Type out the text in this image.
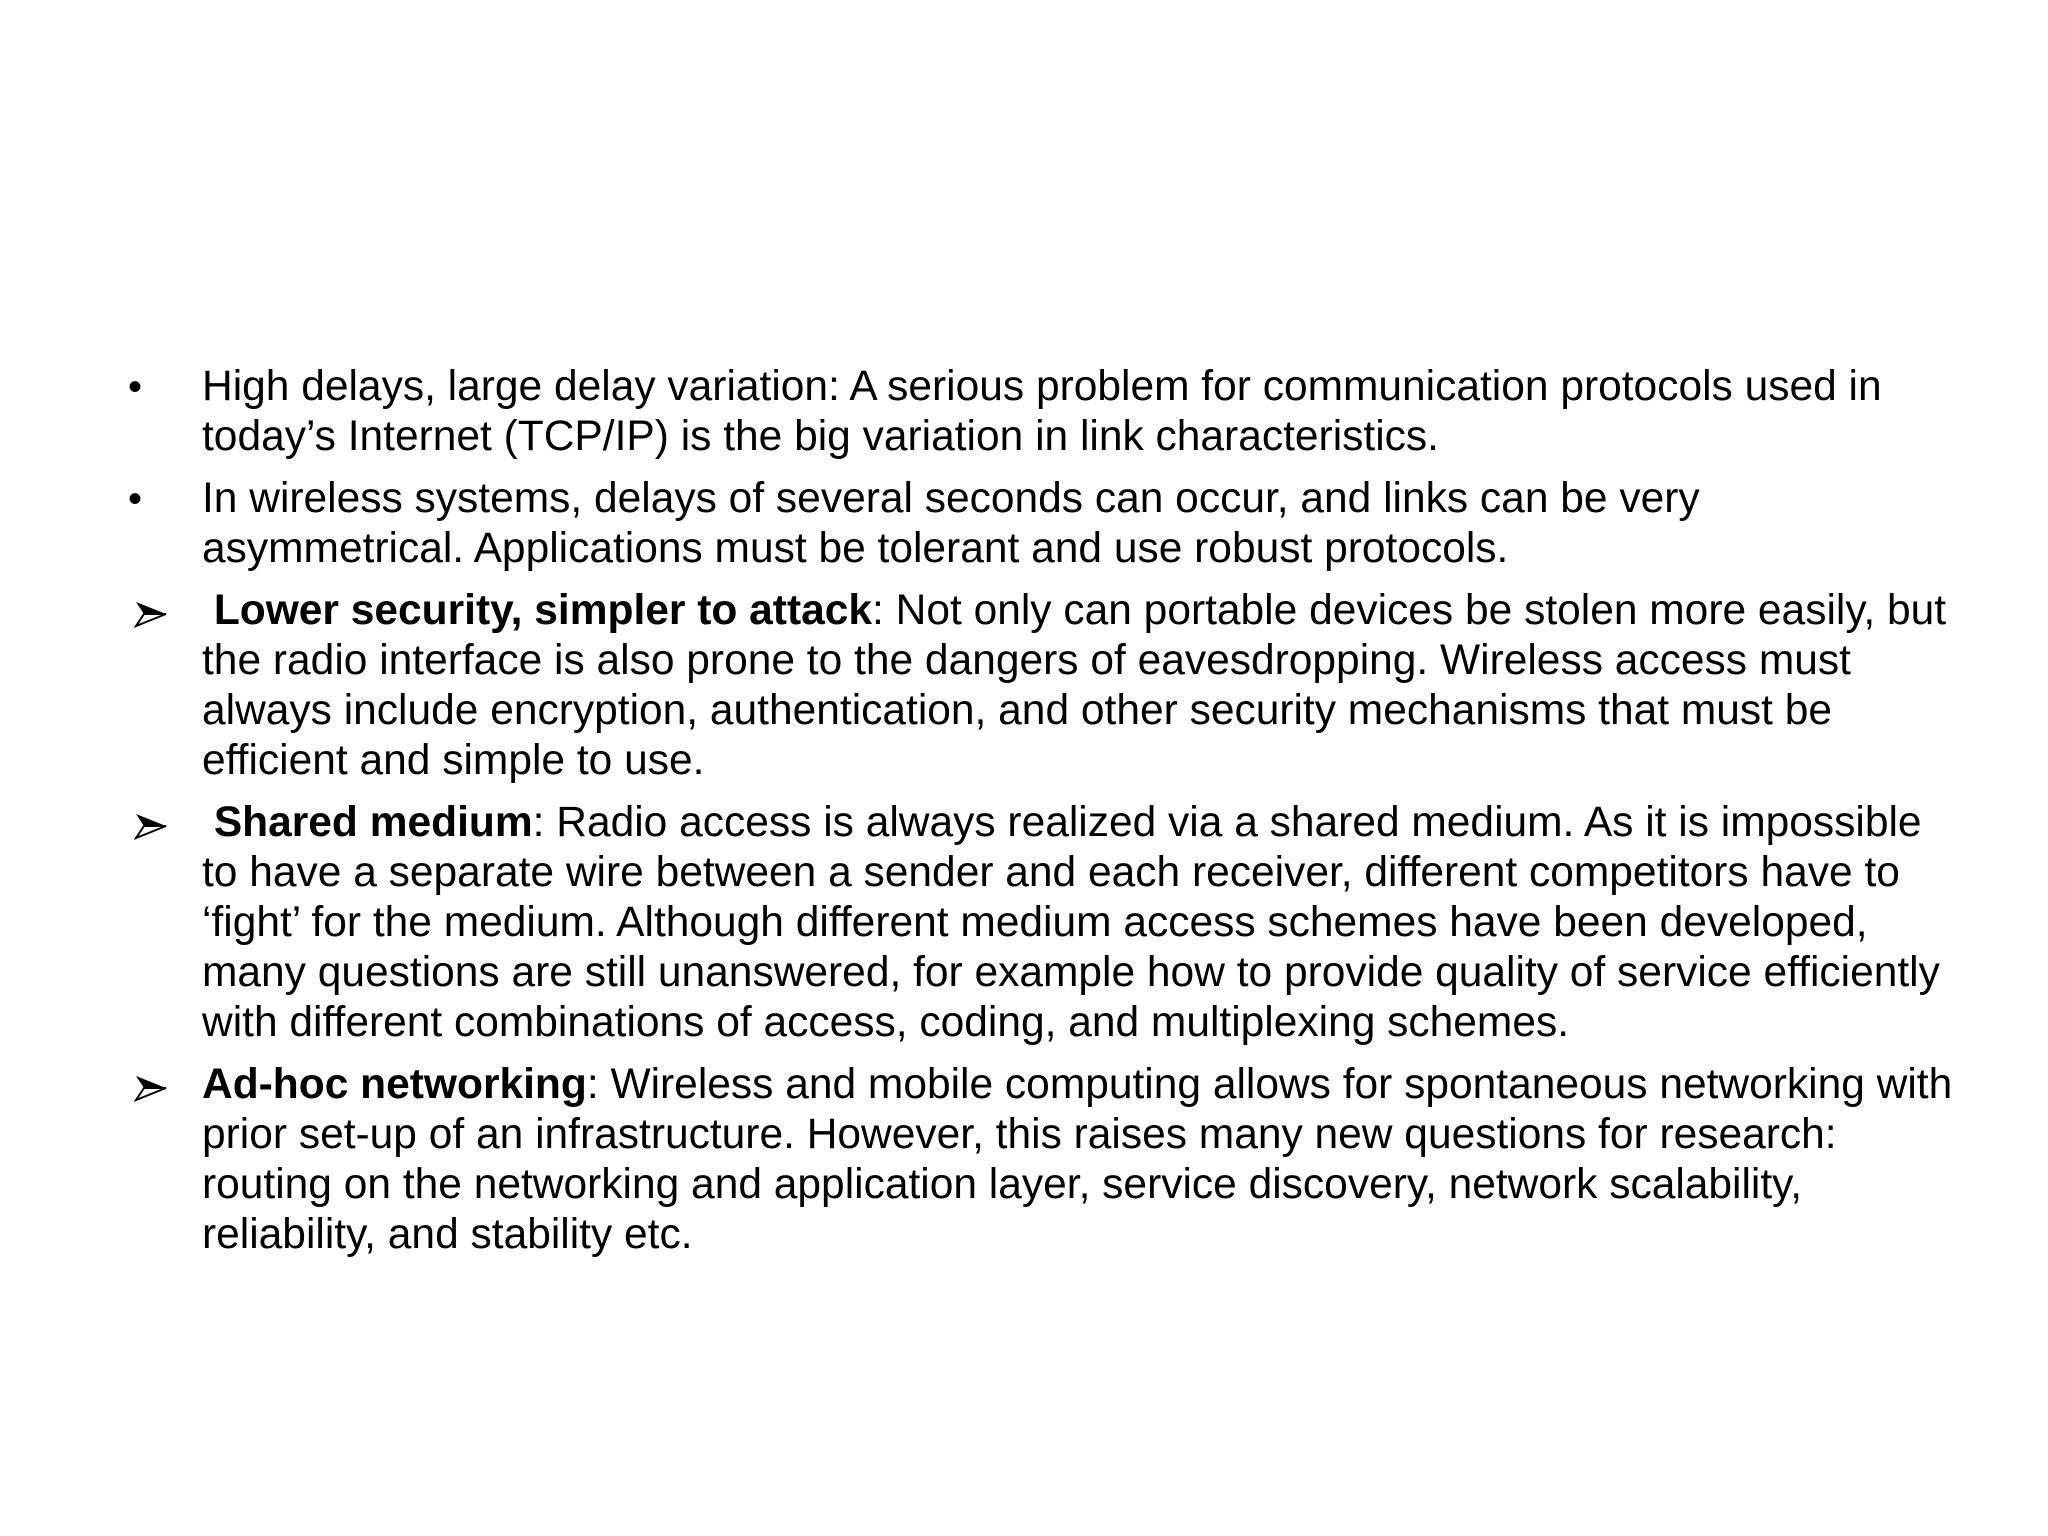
•	High delays, large delay variation: A serious problem for communication protocols used in today’s Internet (TCP/IP) is the big variation in link characteristics.
•	In wireless systems, delays of several seconds can occur, and links can be very asymmetrical. Applications must be tolerant and use robust protocols.
Lower security, simpler to attack: Not only can portable devices be stolen more easily, but the radio interface is also prone to the dangers of eavesdropping. Wireless access must always include encryption, authentication, and other security mechanisms that must be efficient and simple to use.
Shared medium: Radio access is always realized via a shared medium. As it is impossible to have a separate wire between a sender and each receiver, different competitors have to ‘fight’ for the medium. Although different medium access schemes have been developed, many questions are still unanswered, for example how to provide quality of service efficiently with different combinations of access, coding, and multiplexing schemes.
Ad-hoc networking: Wireless and mobile computing allows for spontaneous networking with prior set-up of an infrastructure. However, this raises many new questions for research: routing on the networking and application layer, service discovery, network scalability, reliability, and stability etc.
